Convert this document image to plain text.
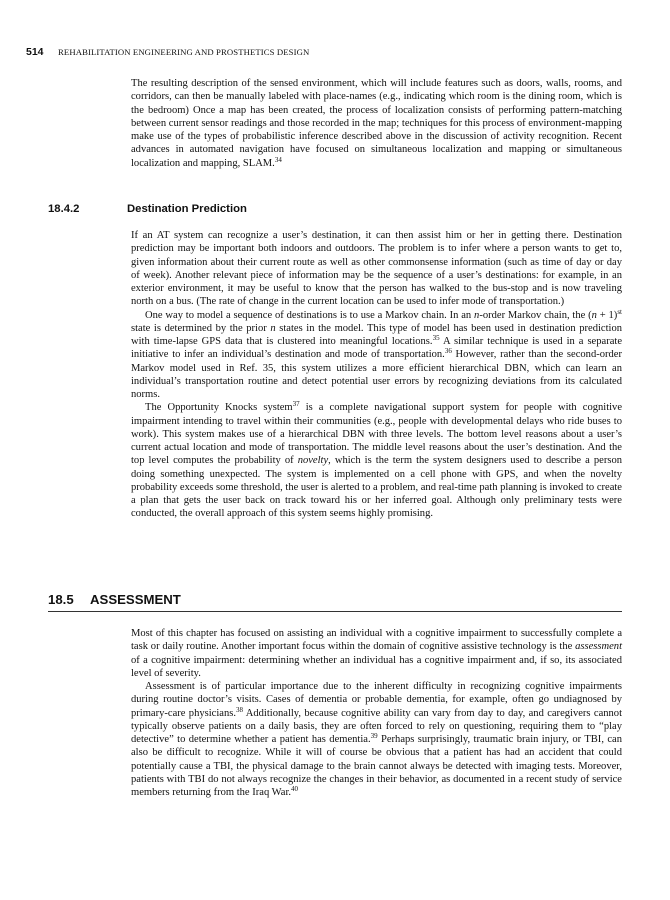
514 REHABILITATION ENGINEERING AND PROSTHETICS DESIGN

The resulting description of the sensed environment, which will include features such as doors, walls, rooms, and corridors, can then be manually labeled with place-names (e.g., indicating which room is the dining room, which is the bedroom) Once a map has been created, the process of localization consists of performing pattern-matching between current sensor readings and those recorded in the map; techniques for this process of environment-mapping make use of the types of probabilistic inference described above in the discussion of activity recognition. Recent advances in automated navigation have focused on simultaneous localization and mapping or simultaneous localization and mapping, SLAM.$^{34}$

18.4.2	Destination Prediction

If an AT system can recognize a user’s destination, it can then assist him or her in getting there. Destination prediction may be important both indoors and outdoors. The problem is to infer where a person wants to get to, given information about their current route as well as other commonsense information (such as time of day or day of week). Another relevant piece of information may be the sequence of a user’s destinations: for example, in an exterior environment, it may be useful to know that the person has walked to the bus-stop and is now traveling north on a bus. (The rate of change in the current location can be used to infer mode of transportation.)

One way to model a sequence of destinations is to use a Markov chain. In an n-order Markov chain, the $(n + 1)^{st}$ state is determined by the prior n states in the model. This type of model has been used in destination prediction with time-lapse GPS data that is clustered into meaningful locations.$^{35}$ A similar technique is used in a separate initiative to infer an individual’s destination and mode of transportation.$^{36}$ However, rather than the second-order Markov model used in Ref. 35, this system utilizes a more efficient hierarchical DBN, which can learn an individual’s transportation routine and detect potential user errors by recognizing deviations from its calculated norms.

The Opportunity Knocks system$^{37}$ is a complete navigational support system for people with cognitive impairment intending to travel within their communities (e.g., people with developmental delays who ride buses to work). This system makes use of a hierarchical DBN with three levels. The bottom level reasons about a user’s current actual location and mode of transportation. The middle level reasons about the user’s destination. And the top level computes the probability of novelty, which is the term the system designers used to describe a person doing something unexpected. The system is implemented on a cell phone with GPS, and when the novelty probability exceeds some threshold, the user is alerted to a problem, and real-time path planning is invoked to create a plan that gets the user back on track toward his or her inferred goal. Although only preliminary tests were conducted, the overall approach of this system seems highly promising.

18.5 ASSESSMENT

Most of this chapter has focused on assisting an individual with a cognitive impairment to successfully complete a task or daily routine. Another important focus within the domain of cognitive assistive technology is the assessment of a cognitive impairment: determining whether an individual has a cognitive impairment and, if so, its associated level of severity.

Assessment is of particular importance due to the inherent difficulty in recognizing cognitive impairments during routine doctor’s visits. Cases of dementia or probable dementia, for example, often go undiagnosed by primary-care physicians.$^{38}$ Additionally, because cognitive ability can vary from day to day, and caregivers cannot typically observe patients on a daily basis, they are often forced to rely on questioning, requiring them to “play detective” to determine whether a patient has dementia.$^{39}$ Perhaps surprisingly, traumatic brain injury, or TBI, can also be difficult to recognize. While it will of course be obvious that a patient has had an accident that could potentially cause a TBI, the physical damage to the brain cannot always be detected with imaging tests. Moreover, patients with TBI do not always recognize the changes in their behavior, as documented in a recent study of service members returning from the Iraq War.$^{40}$
